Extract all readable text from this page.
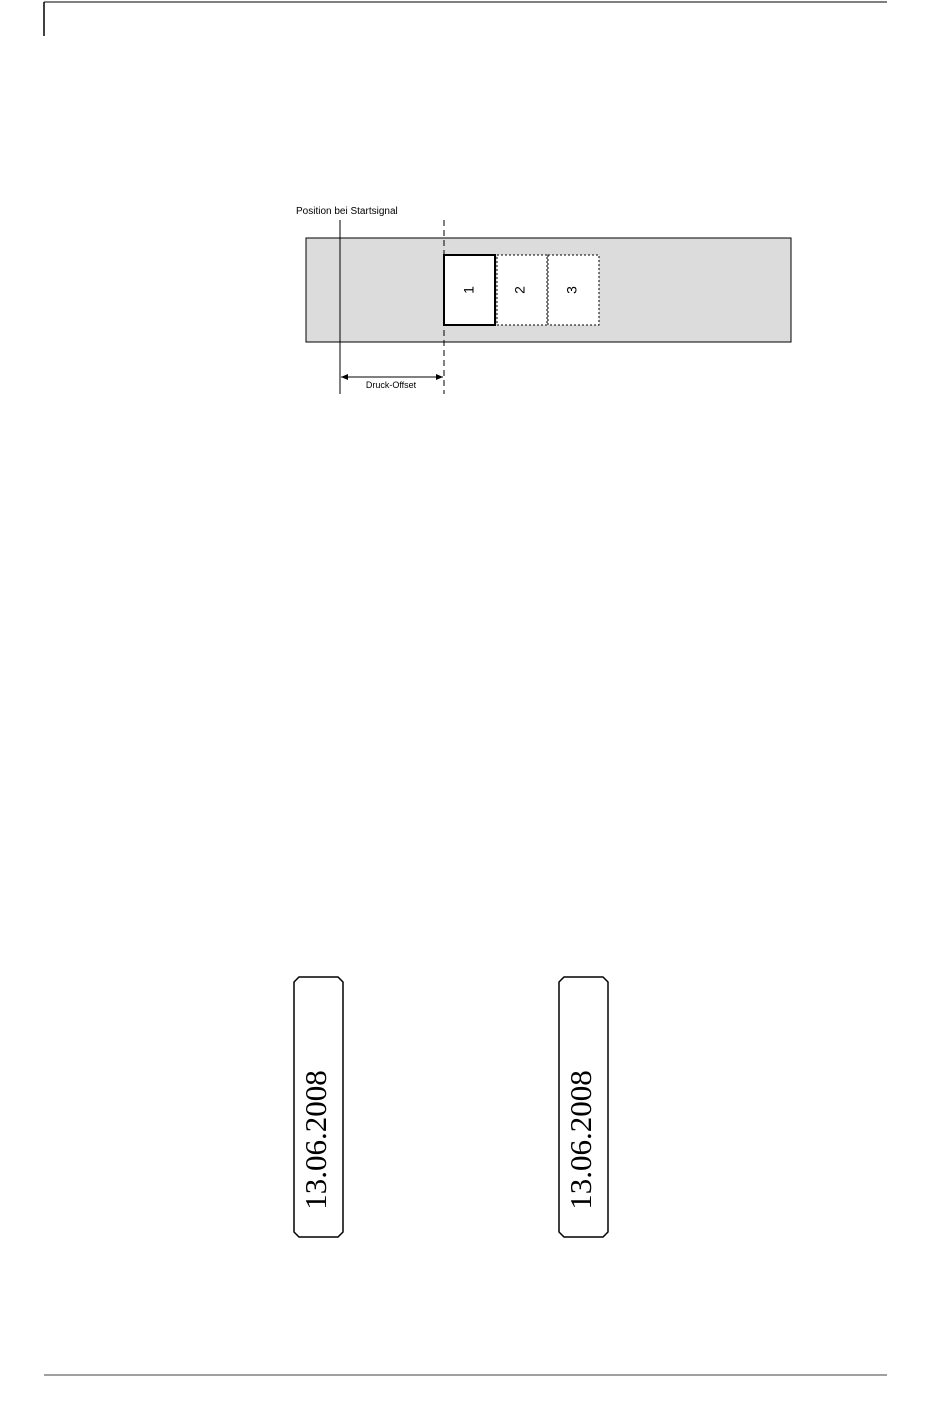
Position bei Startsignal
1	2	3
Druck-Offset
13.06.2008	13.06.2008
